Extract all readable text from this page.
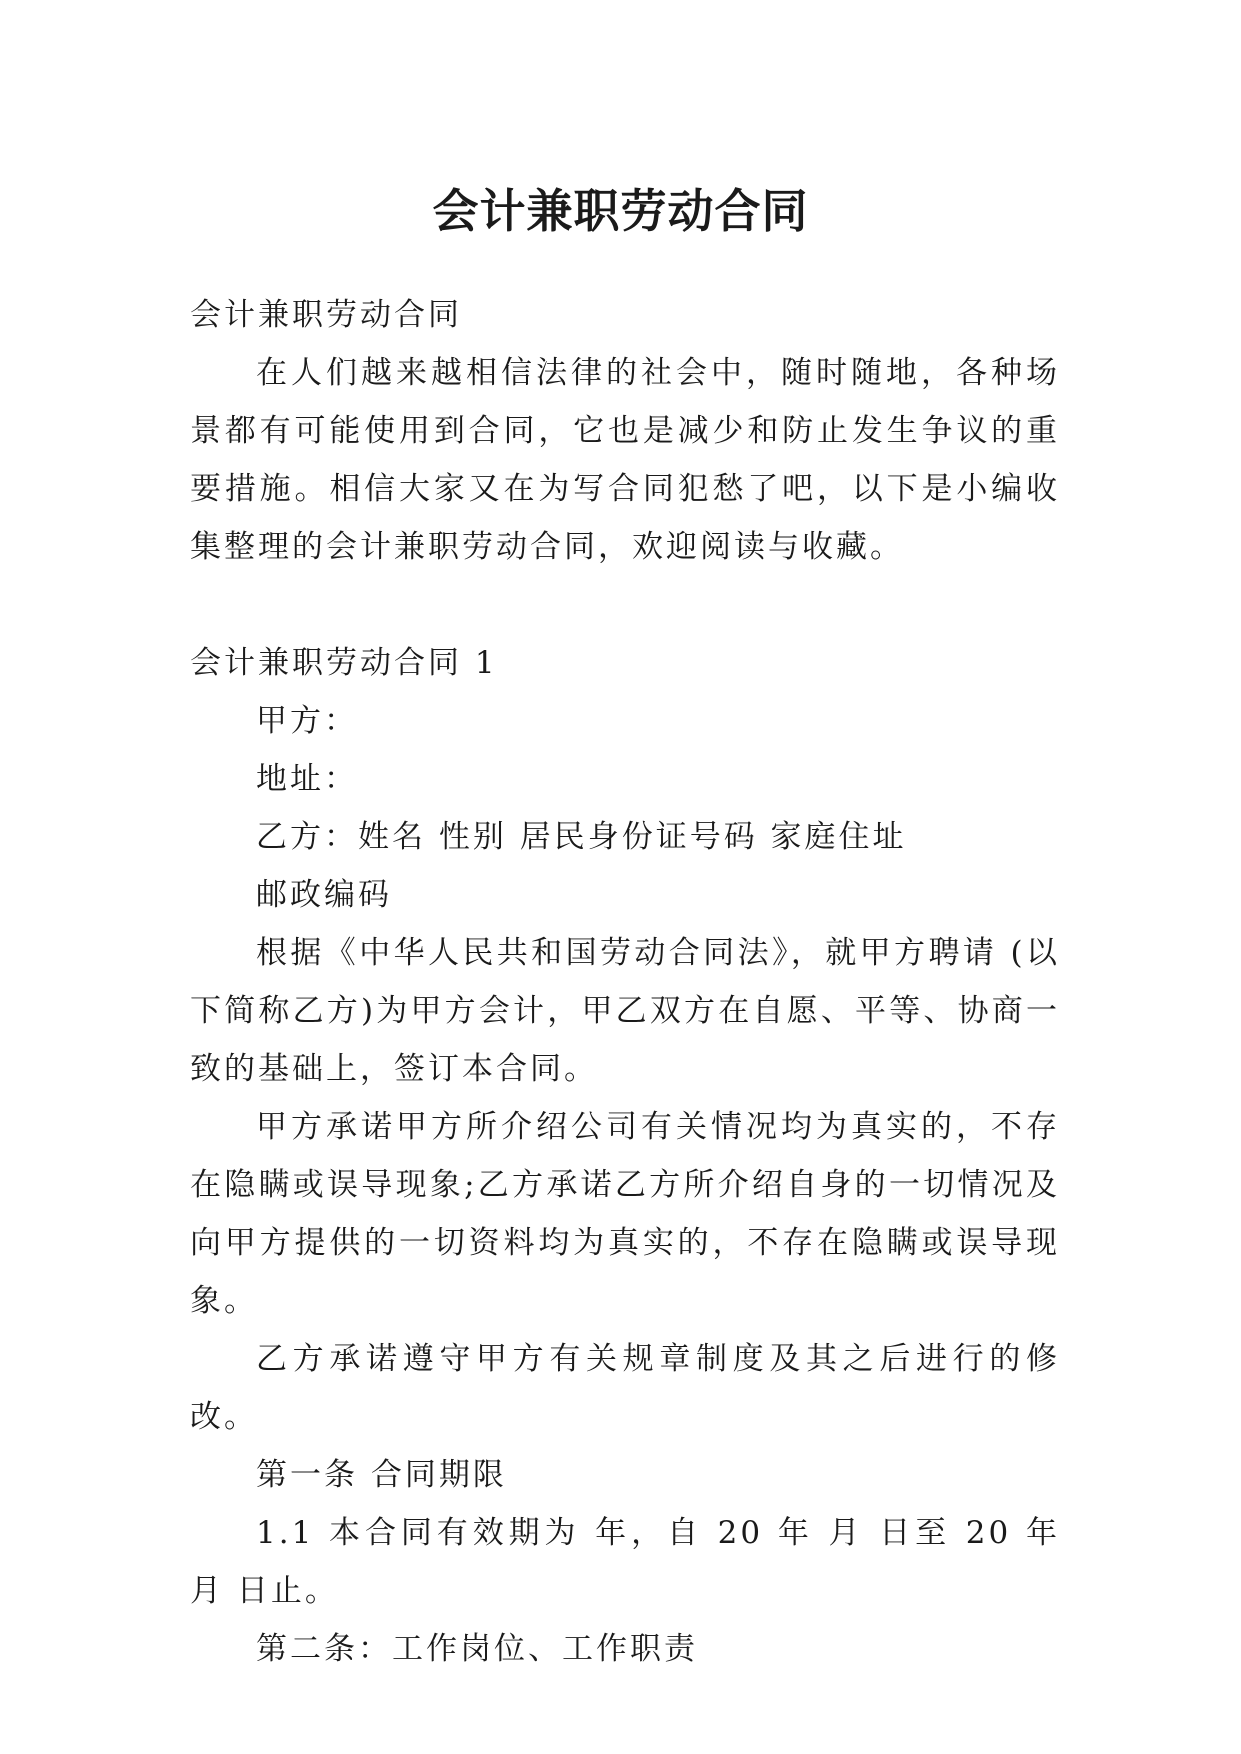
会计兼职劳动合同

会计兼职劳动合同

在人们越来越相信法律的社会中，随时随地，各种场景都有可能使用到合同，它也是减少和防止发生争议的重要措施。相信大家又在为写合同犯愁了吧，以下是小编收集整理的会计兼职劳动合同，欢迎阅读与收藏。

会计兼职劳动合同 1

甲方：

地址：

乙方：姓名 性别 居民身份证号码 家庭住址

邮政编码

根据《中华人民共和国劳动合同法》，就甲方聘请 (以下简称乙方)为甲方会计，甲乙双方在自愿、平等、协商一致的基础上，签订本合同。

甲方承诺甲方所介绍公司有关情况均为真实的，不存在隐瞒或误导现象;乙方承诺乙方所介绍自身的一切情况及向甲方提供的一切资料均为真实的，不存在隐瞒或误导现象。

乙方承诺遵守甲方有关规章制度及其之后进行的修改。

第一条 合同期限

1.1 本合同有效期为 年，自 20 年 月 日至 20 年 月 日止。

第二条：工作岗位、工作职责
